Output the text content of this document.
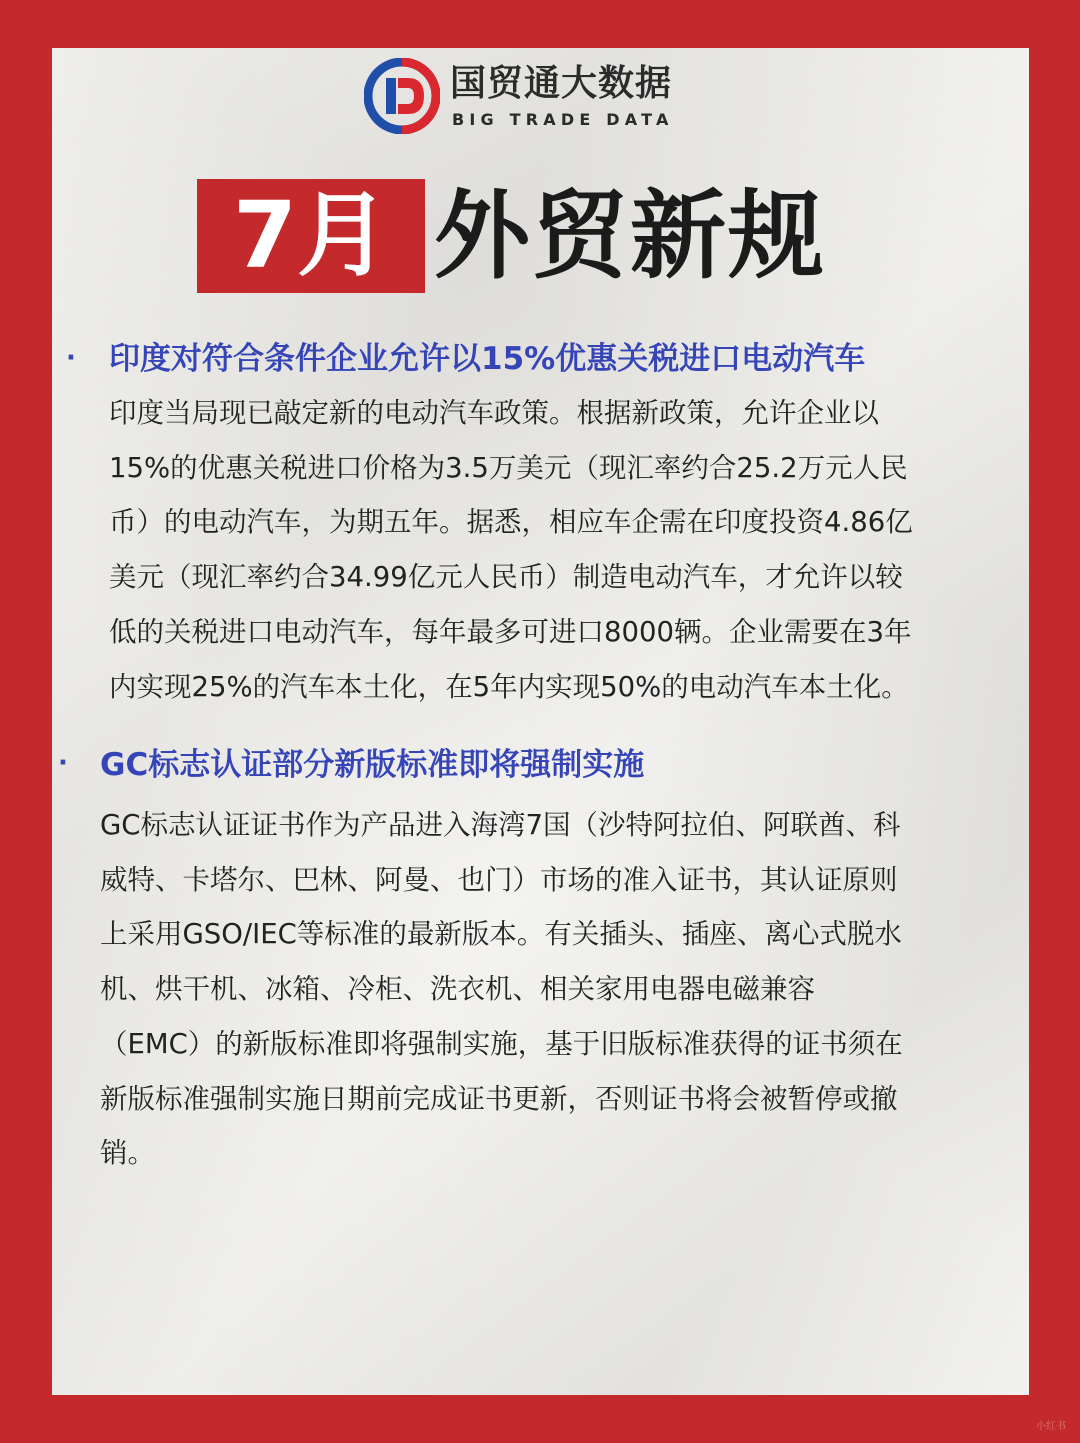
国贸通大数据
BIG TRADE DATA
7月 外贸新规
· 印度对符合条件企业允许以15%优惠关税进口电动汽车

印度当局现已敲定新的电动汽车政策。根据新政策，允许企业以
15%的优惠关税进口价格为3.5万美元（现汇率约合25.2万元人民
币）的电动汽车，为期五年。据悉，相应车企需在印度投资4.86亿
美元（现汇率约合34.99亿元人民币）制造电动汽车，才允许以较
低的关税进口电动汽车，每年最多可进口8000辆。企业需要在3年
内实现25%的汽车本土化，在5年内实现50%的电动汽车本土化。

· GC标志认证部分新版标准即将强制实施

GC标志认证证书作为产品进入海湾7国（沙特阿拉伯、阿联酋、科
威特、卡塔尔、巴林、阿曼、也门）市场的准入证书，其认证原则
上采用GSO/IEC等标准的最新版本。有关插头、插座、离心式脱水
机、烘干机、冰箱、冷柜、洗衣机、相关家用电器电磁兼容
（EMC）的新版标准即将强制实施，基于旧版标准获得的证书须在
新版标准强制实施日期前完成证书更新，否则证书将会被暂停或撤
销。

小红书
